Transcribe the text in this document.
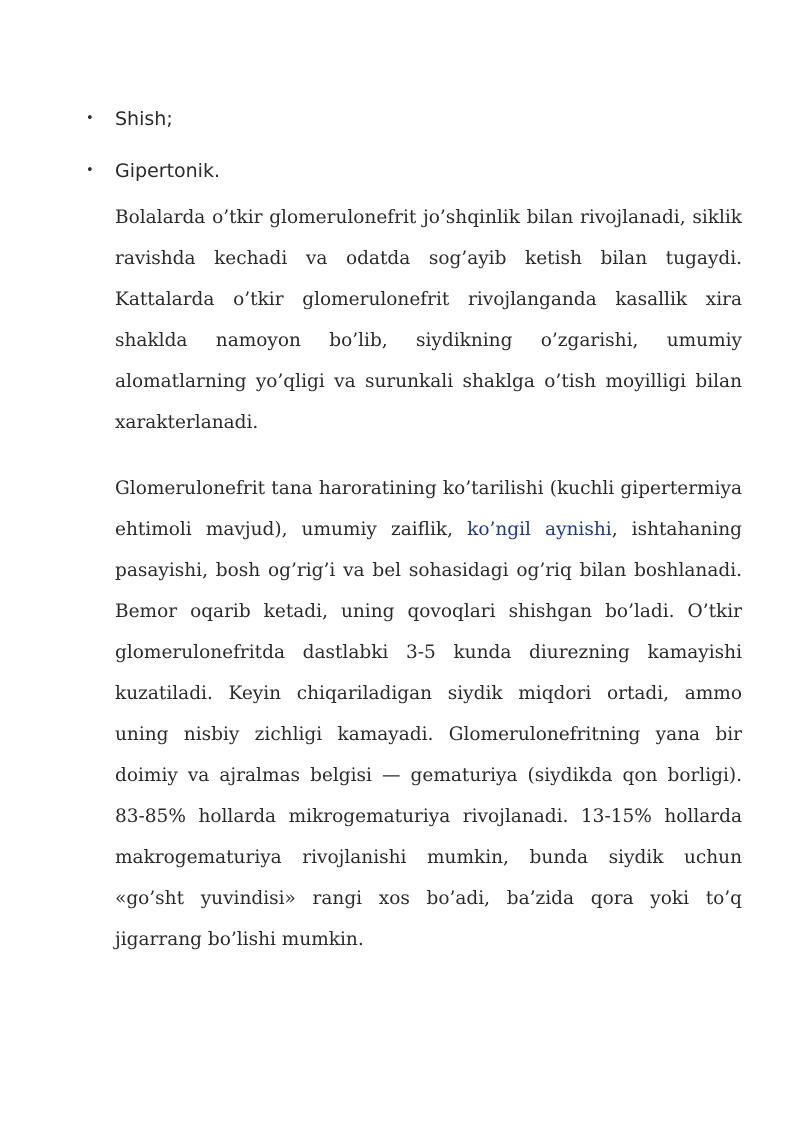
• Shish;
• Gipertonik.

Bolalarda o’tkir glomerulonefrit jo’shqinlik bilan rivojlanadi, siklik ravishda kechadi va odatda sog’ayib ketish bilan tugaydi. Kattalarda o’tkir glomerulonefrit rivojlanganda kasallik xira shaklda namoyon bo’lib, siydikning o’zgarishi, umumiy alomatlarning yo’qligi va surunkali shaklga o’tish moyilligi bilan xarakterlanadi.

Glomerulonefrit tana haroratining ko’tarilishi (kuchli gipertermiya ehtimoli mavjud), umumiy zaiflik, ko’ngil aynishi, ishtahaning pasayishi, bosh og’rig’i va bel sohasidagi og’riq bilan boshlanadi. Bemor oqarib ketadi, uning qovoqlari shishgan bo’ladi. O’tkir glomerulonefritda dastlabki 3-5 kunda diurezning kamayishi kuzatiladi. Keyin chiqariladigan siydik miqdori ortadi, ammo uning nisbiy zichligi kamayadi. Glomerulonefritning yana bir doimiy va ajralmas belgisi — gematuriya (siydikda qon borligi). 83-85% hollarda mikrogematuriya rivojlanadi. 13-15% hollarda makrogematuriya rivojlanishi mumkin, bunda siydik uchun «go’sht yuvindisi» rangi xos bo’adi, ba’zida qora yoki to’q jigarrang bo’lishi mumkin.
